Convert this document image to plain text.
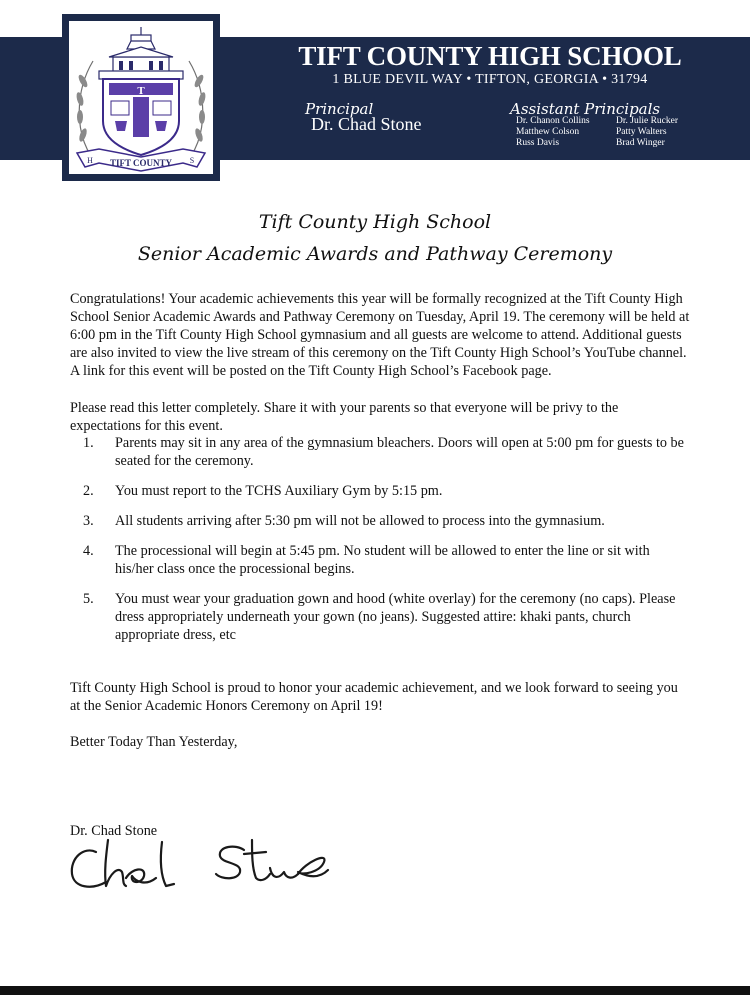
T
H	S
TIFT COUNTY
TIFT COUNTY HIGH SCHOOL
1 BLUE DEVIL WAY • TIFTON, GEORGIA • 31794
Principal
Dr. Chad Stone
Assistant Principals
Dr. Chanon Collins
Matthew Colson
Russ Davis
Dr. Julie Rucker
Patty Walters
Brad Winger
Tift County High School
Senior Academic Awards and Pathway Ceremony
Congratulations! Your academic achievements this year will be formally recognized at the Tift County High School Senior Academic Awards and Pathway Ceremony on Tuesday, April 19. The ceremony will be held at 6:00 pm in the Tift County High School gymnasium and all guests are welcome to attend. Additional guests are also invited to view the live stream of this ceremony on the Tift County High School’s YouTube channel. A link for this event will be posted on the Tift County High School’s Facebook page.
Please read this letter completely. Share it with your parents so that everyone will be privy to the expectations for this event.
1. Parents may sit in any area of the gymnasium bleachers. Doors will open at 5:00 pm for guests to be seated for the ceremony.
2. You must report to the TCHS Auxiliary Gym by 5:15 pm.
3. All students arriving after 5:30 pm will not be allowed to process into the gymnasium.
4. The processional will begin at 5:45 pm. No student will be allowed to enter the line or sit with his/her class once the processional begins.
5. You must wear your graduation gown and hood (white overlay) for the ceremony (no caps). Please dress appropriately underneath your gown (no jeans). Suggested attire: khaki pants, church appropriate dress, etc
Tift County High School is proud to honor your academic achievement, and we look forward to seeing you at the Senior Academic Honors Ceremony on April 19!
Better Today Than Yesterday,
Dr. Chad Stone
